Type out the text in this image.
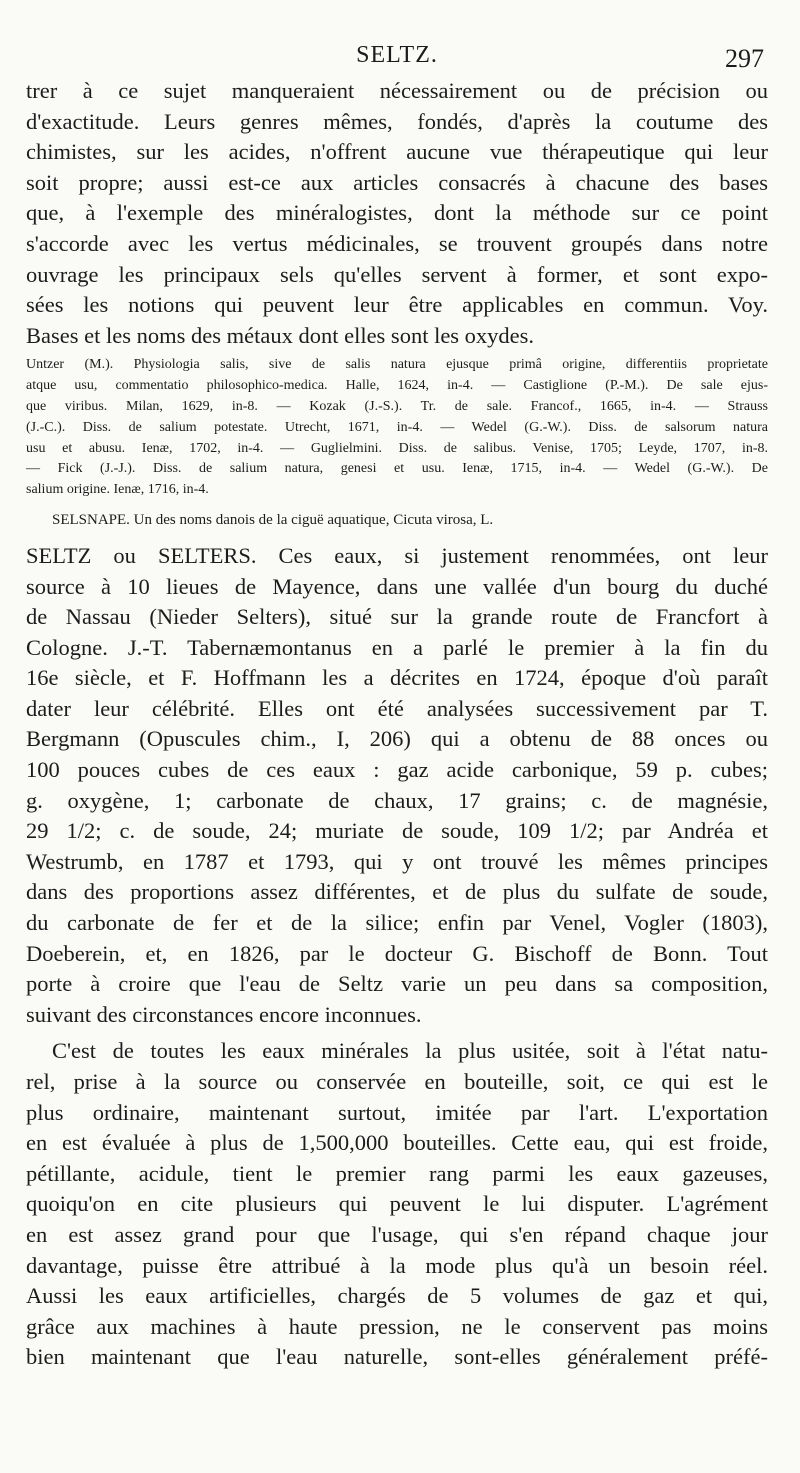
SELTZ.	297
trer à ce sujet manqueraient nécessairement ou de précision ou
d'exactitude. Leurs genres mêmes, fondés, d'après la coutume des
chimistes, sur les acides, n'offrent aucune vue thérapeutique qui leur
soit propre; aussi est-ce aux articles consacrés à chacune des bases
que, à l'exemple des minéralogistes, dont la méthode sur ce point
s'accorde avec les vertus médicinales, se trouvent groupés dans notre
ouvrage les principaux sels qu'elles servent à former, et sont expo-
sées les notions qui peuvent leur être applicables en commun. Voy.
Bases et les noms des métaux dont elles sont les oxydes.
Untzer (M.). Physiologia salis, sive de salis natura ejusque primâ origine, differentiis proprietate
atque usu, commentatio philosophico-medica. Halle, 1624, in-4. — Castiglione (P.-M.). De sale ejus-
que viribus. Milan, 1629, in-8. — Kozak (J.-S.). Tr. de sale. Francof., 1665, in-4. — Strauss
(J.-C.). Diss. de salium potestate. Utrecht, 1671, in-4. — Wedel (G.-W.). Diss. de salsorum natura
usu et abusu. Ienæ, 1702, in-4. — Guglielmini. Diss. de salibus. Venise, 1705; Leyde, 1707, in-8.
— Fick (J.-J.). Diss. de salium natura, genesi et usu. Ienæ, 1715, in-4. — Wedel (G.-W.). De
salium origine. Ienæ, 1716, in-4.
SELSNAPE. Un des noms danois de la ciguë aquatique, Cicuta virosa, L.
SELTZ ou SELTERS. Ces eaux, si justement renommées, ont leur
source à 10 lieues de Mayence, dans une vallée d'un bourg du duché
de Nassau (Nieder Selters), situé sur la grande route de Francfort à
Cologne. J.-T. Tabernæmontanus en a parlé le premier à la fin du
16e siècle, et F. Hoffmann les a décrites en 1724, époque d'où paraît
dater leur célébrité. Elles ont été analysées successivement par T.
Bergmann (Opuscules chim., I, 206) qui a obtenu de 88 onces ou
100 pouces cubes de ces eaux : gaz acide carbonique, 59 p. cubes;
g. oxygène, 1; carbonate de chaux, 17 grains; c. de magnésie,
29 1/2; c. de soude, 24; muriate de soude, 109 1/2; par Andréa et
Westrumb, en 1787 et 1793, qui y ont trouvé les mêmes principes
dans des proportions assez différentes, et de plus du sulfate de soude,
du carbonate de fer et de la silice; enfin par Venel, Vogler (1803),
Doeberein, et, en 1826, par le docteur G. Bischoff de Bonn. Tout
porte à croire que l'eau de Seltz varie un peu dans sa composition,
suivant des circonstances encore inconnues.
C'est de toutes les eaux minérales la plus usitée, soit à l'état natu-
rel, prise à la source ou conservée en bouteille, soit, ce qui est le
plus ordinaire, maintenant surtout, imitée par l'art. L'exportation
en est évaluée à plus de 1,500,000 bouteilles. Cette eau, qui est froide,
pétillante, acidule, tient le premier rang parmi les eaux gazeuses,
quoiqu'on en cite plusieurs qui peuvent le lui disputer. L'agrément
en est assez grand pour que l'usage, qui s'en répand chaque jour
davantage, puisse être attribué à la mode plus qu'à un besoin réel.
Aussi les eaux artificielles, chargés de 5 volumes de gaz et qui,
grâce aux machines à haute pression, ne le conservent pas moins
bien maintenant que l'eau naturelle, sont-elles généralement préfé-
